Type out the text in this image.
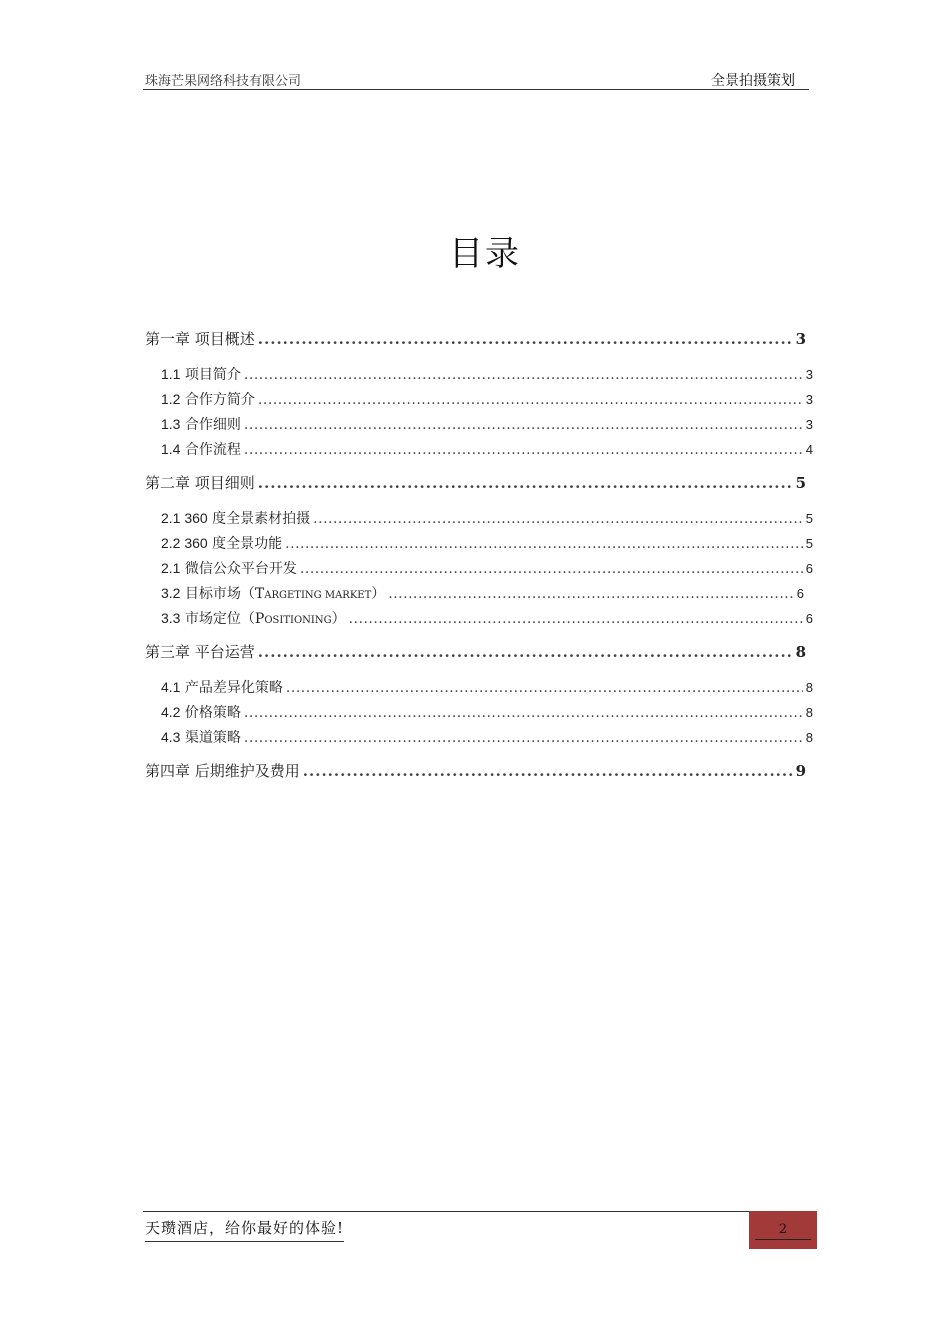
珠海芒果网络科技有限公司	全景拍摄策划
目录
第一章 项目概述 .....	3
1.1 项目简介 .....	3
1.2 合作方简介 .....	3
1.3 合作细则 .....	3
1.4 合作流程 .....	4
第二章 项目细则 .....	5
2.1 360 度全景素材拍摄 .....	5
2.2 360 度全景功能 .....	5
2.1 微信公众平台开发 .....	6
3.2 目标市场（TARGETING MARKET） .....	6
3.3 市场定位（POSITIONING） .....	6
第三章 平台运营 .....	8
4.1 产品差异化策略 .....	8
4.2 价格策略 .....	8
4.3 渠道策略 .....	8
第四章 后期维护及费用 .....	9
天瓒酒店，给你最好的体验!	2
